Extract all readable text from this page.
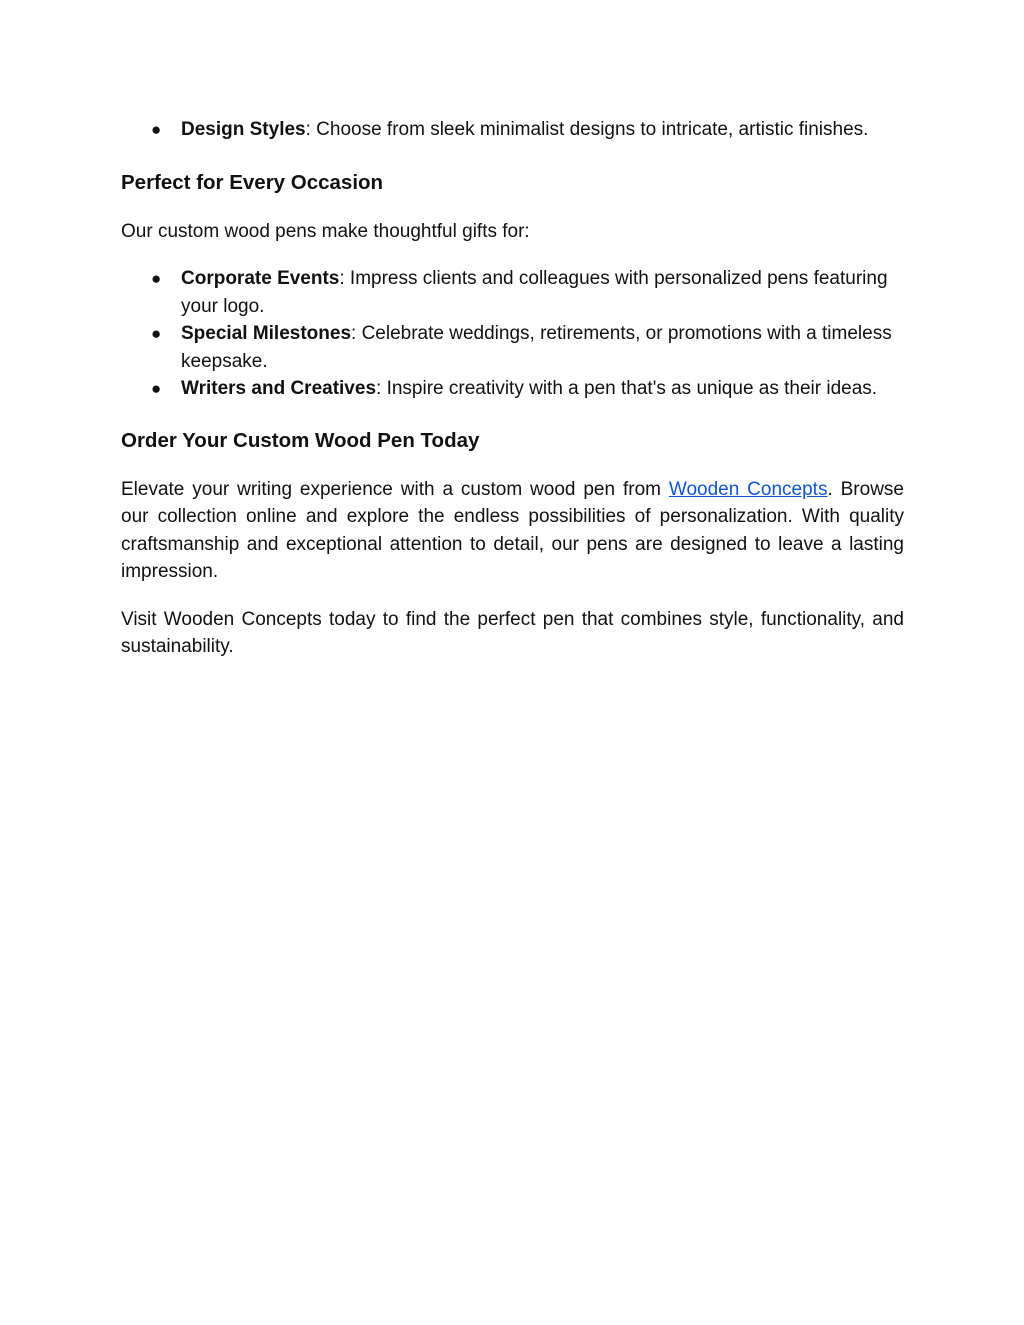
● Design Styles: Choose from sleek minimalist designs to intricate, artistic finishes.
Perfect for Every Occasion

Our custom wood pens make thoughtful gifts for:

● Corporate Events: Impress clients and colleagues with personalized pens featuring your logo.
● Special Milestones: Celebrate weddings, retirements, or promotions with a timeless keepsake.
● Writers and Creatives: Inspire creativity with a pen that's as unique as their ideas.
Order Your Custom Wood Pen Today

Elevate your writing experience with a custom wood pen from Wooden Concepts. Browse our collection online and explore the endless possibilities of personalization. With quality craftsmanship and exceptional attention to detail, our pens are designed to leave a lasting impression.

Visit Wooden Concepts today to find the perfect pen that combines style, functionality, and sustainability.
